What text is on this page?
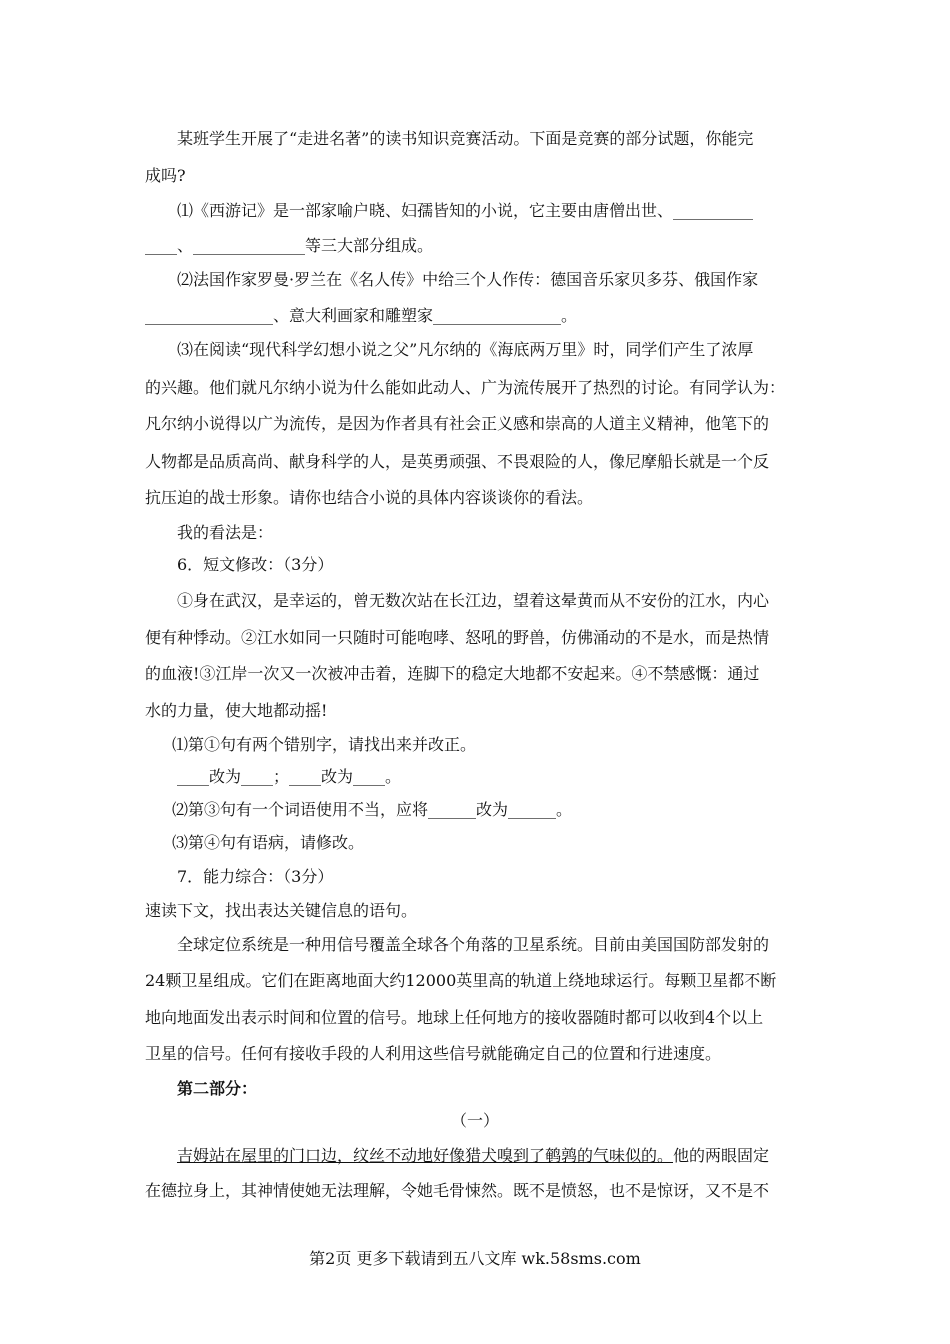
某班学生开展了“走进名著”的读书知识竞赛活动。下面是竞赛的部分试题，你能完
成吗?
⑴《西游记》是一部家喻户晓、妇孺皆知的小说，它主要由唐僧出世、__________
____、______________等三大部分组成。
⑵法国作家罗曼·罗兰在《名人传》中给三个人作传：德国音乐家贝多芬、俄国作家
________________、意大利画家和雕塑家________________。
⑶在阅读“现代科学幻想小说之父”凡尔纳的《海底两万里》时，同学们产生了浓厚
的兴趣。他们就凡尔纳小说为什么能如此动人、广为流传展开了热烈的讨论。有同学认为：
凡尔纳小说得以广为流传，是因为作者具有社会正义感和崇高的人道主义精神，他笔下的
人物都是品质高尚、献身科学的人，是英勇顽强、不畏艰险的人，像尼摩船长就是一个反
抗压迫的战士形象。请你也结合小说的具体内容谈谈你的看法。
我的看法是：
6．短文修改：（3分）
①身在武汉，是幸运的，曾无数次站在长江边，望着这晕黄而从不安份的江水，内心
便有种悸动。②江水如同一只随时可能咆哮、怒吼的野兽，仿佛涌动的不是水，而是热情
的血液!③江岸一次又一次被冲击着，连脚下的稳定大地都不安起来。④不禁感慨：通过
水的力量，使大地都动摇!
⑴第①句有两个错别字，请找出来并改正。
____改为____；____改为____。
⑵第③句有一个词语使用不当，应将______改为______。
⑶第④句有语病，请修改。
7．能力综合：（3分）
速读下文，找出表达关键信息的语句。
全球定位系统是一种用信号覆盖全球各个角落的卫星系统。目前由美国国防部发射的
24颗卫星组成。它们在距离地面大约12000英里高的轨道上绕地球运行。每颗卫星都不断
地向地面发出表示时间和位置的信号。地球上任何地方的接收器随时都可以收到4个以上
卫星的信号。任何有接收手段的人利用这些信号就能确定自己的位置和行进速度。
第二部分：
（一）
吉姆站在屋里的门口边，纹丝不动地好像猎犬嗅到了鹌鹑的气味似的。他的两眼固定
在德拉身上，其神情使她无法理解，令她毛骨悚然。既不是愤怒，也不是惊讶，又不是不
第2页 更多下载请到五八文库 wk.58sms.com
